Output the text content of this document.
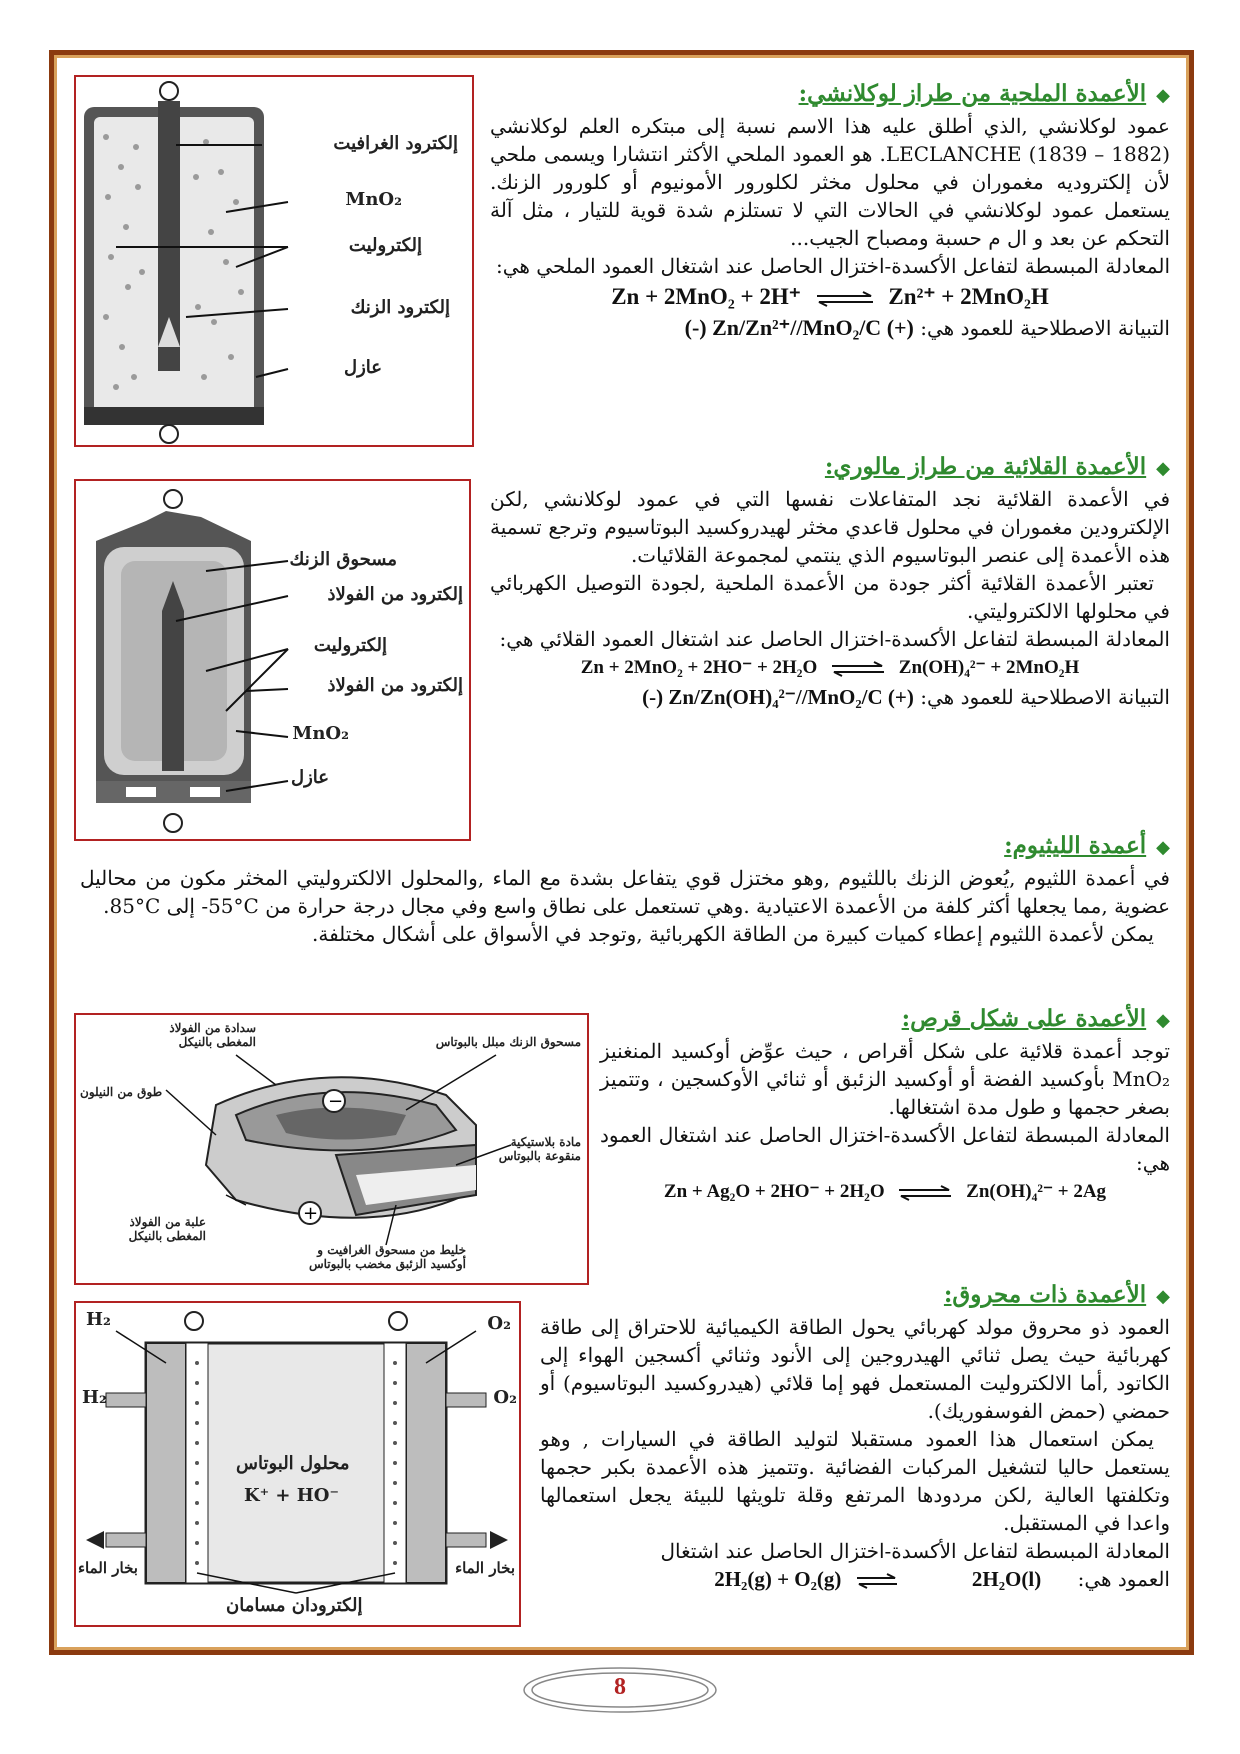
إلكترود الغرافيت
MnO₂
إلكتروليت
إلكترود الزنك
عازل
◆الأعمدة الملحية من طراز لوكلانشي:
عمود لوكلانشي ,الذي أطلق عليه هذا الاسم نسبة إلى مبتكره العلم لوكلانشي (1882 – 1839) LECLANCHE. هو العمود الملحي الأكثر انتشارا ويسمى ملحي لأن إلكتروديه مغموران في محلول مخثر لكلورور الأمونيوم أو كلورور الزنك. يستعمل عمود لوكلانشي في الحالات التي لا تستلزم شدة قوية للتيار ، مثل آلة التحكم عن بعد و ال م حسبة ومصباح الجيب...
المعادلة المبسطة لتفاعل الأكسدة-اختزال الحاصل عند اشتغال العمود الملحي هي:
Zn + 2MnO₂ + 2H⁺ ⇌ Zn²⁺ + 2MnO₂H
التبيانة الاصطلاحية للعمود هي: (-) Zn/Zn²⁺//MnO₂/C (+)
مسحوق الزنك
إلكترود من الفولاذ
إلكتروليت
إلكترود من الفولاذ
MnO₂
عازل
◆الأعمدة القلائية من طراز مالوري:
في الأعمدة القلائية نجد المتفاعلات نفسها التي في عمود لوكلانشي ,لكن الإلكترودين مغموران في محلول قاعدي مخثر لهيدروكسيد البوتاسيوم وترجع تسمية هذه الأعمدة إلى عنصر البوتاسيوم الذي ينتمي لمجموعة القلائيات.
تعتبر الأعمدة القلائية أكثر جودة من الأعمدة الملحية ,لجودة التوصيل الكهربائي في محلولها الالكتروليتي.
المعادلة المبسطة لتفاعل الأكسدة-اختزال الحاصل عند اشتغال العمود القلائي هي:
Zn + 2MnO₂ + 2HO⁻ + 2H₂O ⇌ Zn(OH)₄²⁻ + 2MnO₂H
التبيانة الاصطلاحية للعمود هي: (-) Zn/Zn(OH)₄²⁻//MnO₂/C (+)
◆أعمدة الليثيوم:
في أعمدة اللثيوم ,يُعوض الزنك باللثيوم ,وهو مختزل قوي يتفاعل بشدة مع الماء ,والمحلول الالكتروليتي المخثر مكون من محاليل عضوية ,مما يجعلها أكثر كلفة من الأعمدة الاعتيادية .وهي تستعمل على نطاق واسع وفي مجال درجة حرارة من ‎-55°C‎ إلى ‎85°C‎.
يمكن لأعمدة اللثيوم إعطاء كميات كبيرة من الطاقة الكهربائية ,وتوجد في الأسواق على أشكال مختلفة.
−
+
سدادة من الفولاذ المغطى بالنيكل	مسحوق الزنك مبلل بالبوتاس
طوق من النيلون
مادة بلاستيكية منقوعة بالبوتاس
علبة من الفولاذ المغطى بالنيكل
خليط من مسحوق الغرافيت و أوكسيد الزئبق مخضب بالبوتاس
◆الأعمدة على شكل قرص:
توجد أعمدة قلائية على شكل أقراص ، حيث عوِّض أوكسيد المنغنيز MnO₂ بأوكسيد الفضة أو أوكسيد الزئبق أو ثنائي الأوكسجين ، وتتميز بصغر حجمها و طول مدة اشتغالها.
المعادلة المبسطة لتفاعل الأكسدة-اختزال الحاصل عند اشتغال العمود هي:
Zn + Ag₂O + 2HO⁻ + 2H₂O ⇌ Zn(OH)₄²⁻ + 2Ag
H₂
H₂
O₂
O₂
محلول البوتاس
K⁺ + HO⁻
بخار الماء	بخار الماء
إلكترودان مسامان
◆الأعمدة ذات محروق:
العمود ذو محروق مولد كهربائي يحول الطاقة الكيميائية للاحتراق إلى طاقة كهربائية حيث يصل ثنائي الهيدروجين إلى الأنود وثنائي أكسجين الهواء إلى الكاتود ,أما الالكتروليت المستعمل فهو إما قلائي (هيدروكسيد البوتاسيوم) أو حمضي (حمض الفوسفوريك).
يمكن استعمال هذا العمود مستقبلا لتوليد الطاقة في السيارات , وهو يستعمل حاليا لتشغيل المركبات الفضائية .وتتميز هذه الأعمدة بكبر حجمها وتكلفتها العالية ,لكن مردودها المرتفع وقلة تلويثها للبيئة يجعل استعمالها واعدا في المستقبل.
المعادلة المبسطة لتفاعل الأكسدة-اختزال الحاصل عند اشتغال
العمود هي: 2H₂(g) + O₂(g) ⇌	2H₂O(l)
8
